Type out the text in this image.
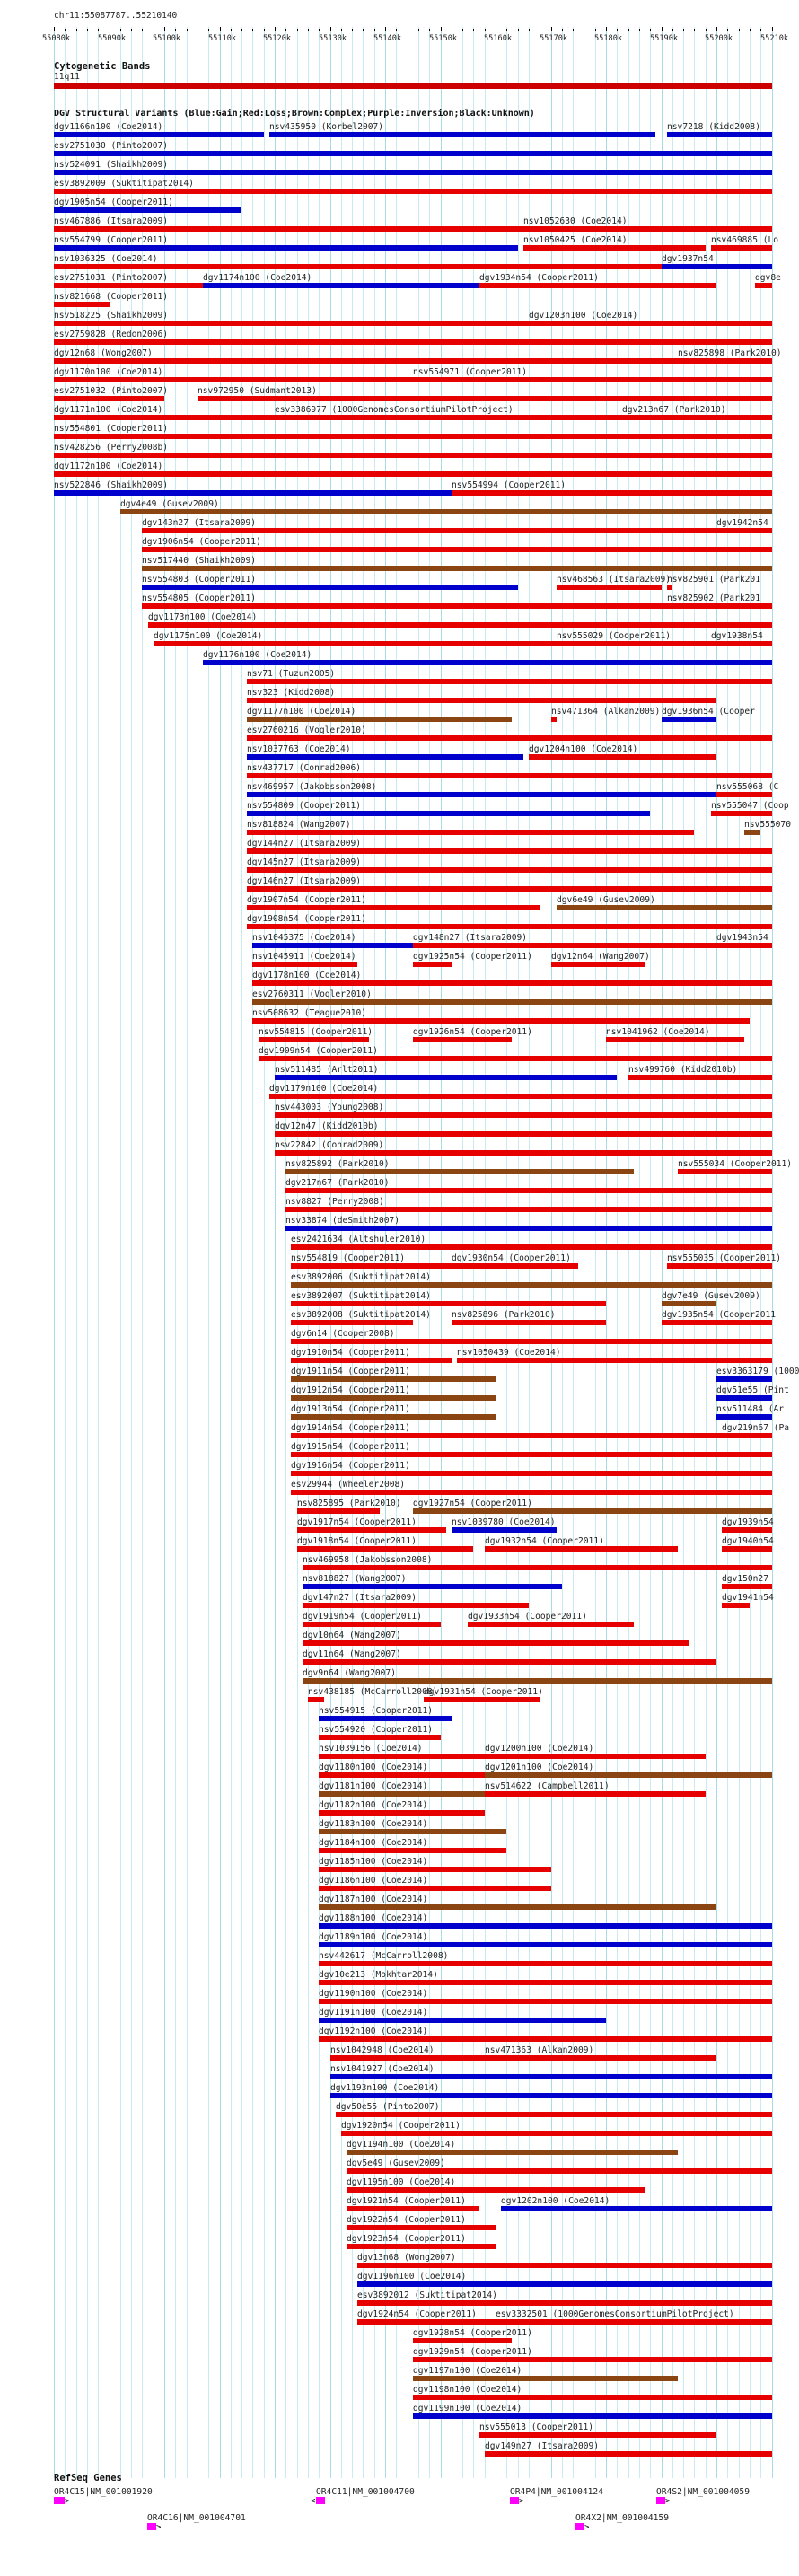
chr11:55087787..55210140
55080k	55090k	55100k	55110k	55120k	55130k	55140k	55150k	55160k	55170k	55180k	55190k	55200k	55210k
Cytogenetic Bands
11q11
DGV Structural Variants (Blue:Gain;Red:Loss;Brown:Complex;Purple:Inversion;Black:Unknown)
dgv1166n100 (Coe2014)	nsv435950 (Korbel2007)	nsv7218 (Kidd2008)
esv2751030 (Pinto2007)
nsv524091 (Shaikh2009)
esv3892009 (Suktitipat2014)
dgv1905n54 (Cooper2011)
nsv467886 (Itsara2009)	nsv1052630 (Coe2014)
nsv554799 (Cooper2011)	nsv1050425 (Coe2014)	nsv469885 (Lo
nsv1036325 (Coe2014)	dgv1937n54
esv2751031 (Pinto2007)	dgv1174n100 (Coe2014)	dgv1934n54 (Cooper2011)	dgv8e
nsv821668 (Cooper2011)
nsv518225 (Shaikh2009)	dgv1203n100 (Coe2014)
esv2759828 (Redon2006)
dgv12n68 (Wong2007)	nsv825898 (Park2010)
dgv1170n100 (Coe2014)	nsv554971 (Cooper2011)
esv2751032 (Pinto2007)	nsv972950 (Sudmant2013)
dgv1171n100 (Coe2014)	esv3386977 (1000GenomesConsortiumPilotProject)	dgv213n67 (Park2010)
nsv554801 (Cooper2011)
nsv428256 (Perry2008b)
dgv1172n100 (Coe2014)
nsv522846 (Shaikh2009)	nsv554994 (Cooper2011)
dgv4e49 (Gusev2009)
dgv143n27 (Itsara2009)	dgv1942n54
dgv1906n54 (Cooper2011)
nsv517440 (Shaikh2009)
nsv554803 (Cooper2011)	nsv468563 (Itsara2009)
nsv825901 (Park201
nsv554805 (Cooper2011)	nsv825902 (Park201
dgv1173n100 (Coe2014)
dgv1175n100 (Coe2014)	nsv555029 (Cooper2011)	dgv1938n54
dgv1176n100 (Coe2014)
nsv71 (Tuzun2005)
nsv323 (Kidd2008)
dgv1177n100 (Coe2014)	nsv471364 (Alkan2009) dgv1936n54 (Cooper
esv2760216 (Vogler2010)
nsv1037763 (Coe2014)	dgv1204n100 (Coe2014)
nsv437717 (Conrad2006)
nsv469957 (Jakobsson2008)	nsv555068 (C
nsv554809 (Cooper2011)	nsv555047 (Coop
nsv818824 (Wang2007)	nsv555070
dgv144n27 (Itsara2009)
dgv145n27 (Itsara2009)
dgv146n27 (Itsara2009)
dgv1907n54 (Cooper2011)	dgv6e49 (Gusev2009)
dgv1908n54 (Cooper2011)
nsv1045375 (Coe2014)	dgv148n27 (Itsara2009)	dgv1943n54
nsv1045911 (Coe2014)	dgv1925n54 (Cooper2011) dgv12n64 (Wang2007)
dgv1178n100 (Coe2014)
esv2760311 (Vogler2010)
nsv508632 (Teague2010)
nsv554815 (Cooper2011)	dgv1926n54 (Cooper2011)	nsv1041962 (Coe2014)
dgv1909n54 (Cooper2011)
nsv511485 (Arlt2011)	nsv499760 (Kidd2010b)
dgv1179n100 (Coe2014)
nsv443003 (Young2008)
dgv12n47 (Kidd2010b)
nsv22842 (Conrad2009)
nsv825892 (Park2010)	nsv555034 (Cooper2011)
dgv217n67 (Park2010)
nsv8827 (Perry2008)
nsv33874 (deSmith2007)
esv2421634 (Altshuler2010)
nsv554819 (Cooper2011)	dgv1930n54 (Cooper2011)	nsv555035 (Cooper2011)
esv3892006 (Suktitipat2014)
esv3892007 (Suktitipat2014)	dgv7e49 (Gusev2009)
esv3892008 (Suktitipat2014) nsv825896 (Park2010)	dgv1935n54 (Cooper2011
dgv6n14 (Cooper2008)
dgv1910n54 (Cooper2011)	nsv1050439 (Coe2014)
dgv1911n54 (Cooper2011)	esv3363179 (1000
dgv1912n54 (Cooper2011)	dgv51e55 (Pint
dgv1913n54 (Cooper2011)	nsv511484 (Ar
dgv1914n54 (Cooper2011)	dgv219n67 (Pa
dgv1915n54 (Cooper2011)
dgv1916n54 (Cooper2011)
esv29944 (Wheeler2008)
nsv825895 (Park2010) dgv1927n54 (Cooper2011)
dgv1917n54 (Cooper2011)	nsv1039780 (Coe2014)	dgv1939n54
dgv1918n54 (Cooper2011)	dgv1932n54 (Cooper2011)	dgv1940n54
nsv469958 (Jakobsson2008)
nsv818827 (Wang2007)	dgv150n27
dgv147n27 (Itsara2009)	dgv1941n54
dgv1919n54 (Cooper2011)	dgv1933n54 (Cooper2011)
dgv10n64 (Wang2007)
dgv11n64 (Wang2007)
dgv9n64 (Wang2007)
nsv438185 (McCarroll2008)
dgv1931n54 (Cooper2011)
nsv554915 (Cooper2011)
nsv554920 (Cooper2011)
nsv1039156 (Coe2014)	dgv1200n100 (Coe2014)
dgv1180n100 (Coe2014)	dgv1201n100 (Coe2014)
dgv1181n100 (Coe2014)	nsv514622 (Campbell2011)
dgv1182n100 (Coe2014)
dgv1183n100 (Coe2014)
dgv1184n100 (Coe2014)
dgv1185n100 (Coe2014)
dgv1186n100 (Coe2014)
dgv1187n100 (Coe2014)
dgv1188n100 (Coe2014)
dgv1189n100 (Coe2014)
nsv442617 (McCarroll2008)
dgv10e213 (Mokhtar2014)
dgv1190n100 (Coe2014)
dgv1191n100 (Coe2014)
dgv1192n100 (Coe2014)
nsv1042948 (Coe2014)	nsv471363 (Alkan2009)
nsv1041927 (Coe2014)
dgv1193n100 (Coe2014)
dgv50e55 (Pinto2007)
dgv1920n54 (Cooper2011)
dgv1194n100 (Coe2014)
dgv5e49 (Gusev2009)
dgv1195n100 (Coe2014)
dgv1921n54 (Cooper2011)	dgv1202n100 (Coe2014)
dgv1922n54 (Cooper2011)
dgv1923n54 (Cooper2011)
dgv13n68 (Wong2007)
dgv1196n100 (Coe2014)
esv3892012 (Suktitipat2014)
dgv1924n54 (Cooper2011) esv3332501 (1000GenomesConsortiumPilotProject)
dgv1928n54 (Cooper2011)
dgv1929n54 (Cooper2011)
dgv1197n100 (Coe2014)
dgv1198n100 (Coe2014)
dgv1199n100 (Coe2014)
nsv555013 (Cooper2011)
dgv149n27 (Itsara2009)
RefSeq Genes
OR4C15|NM_001001920	OR4C11|NM_001004700	OR4P4|NM_001004124	OR4S2|NM_001004059
OR4C16|NM_001004701	OR4X2|NM_001004159
>	<	>	>
>	>
